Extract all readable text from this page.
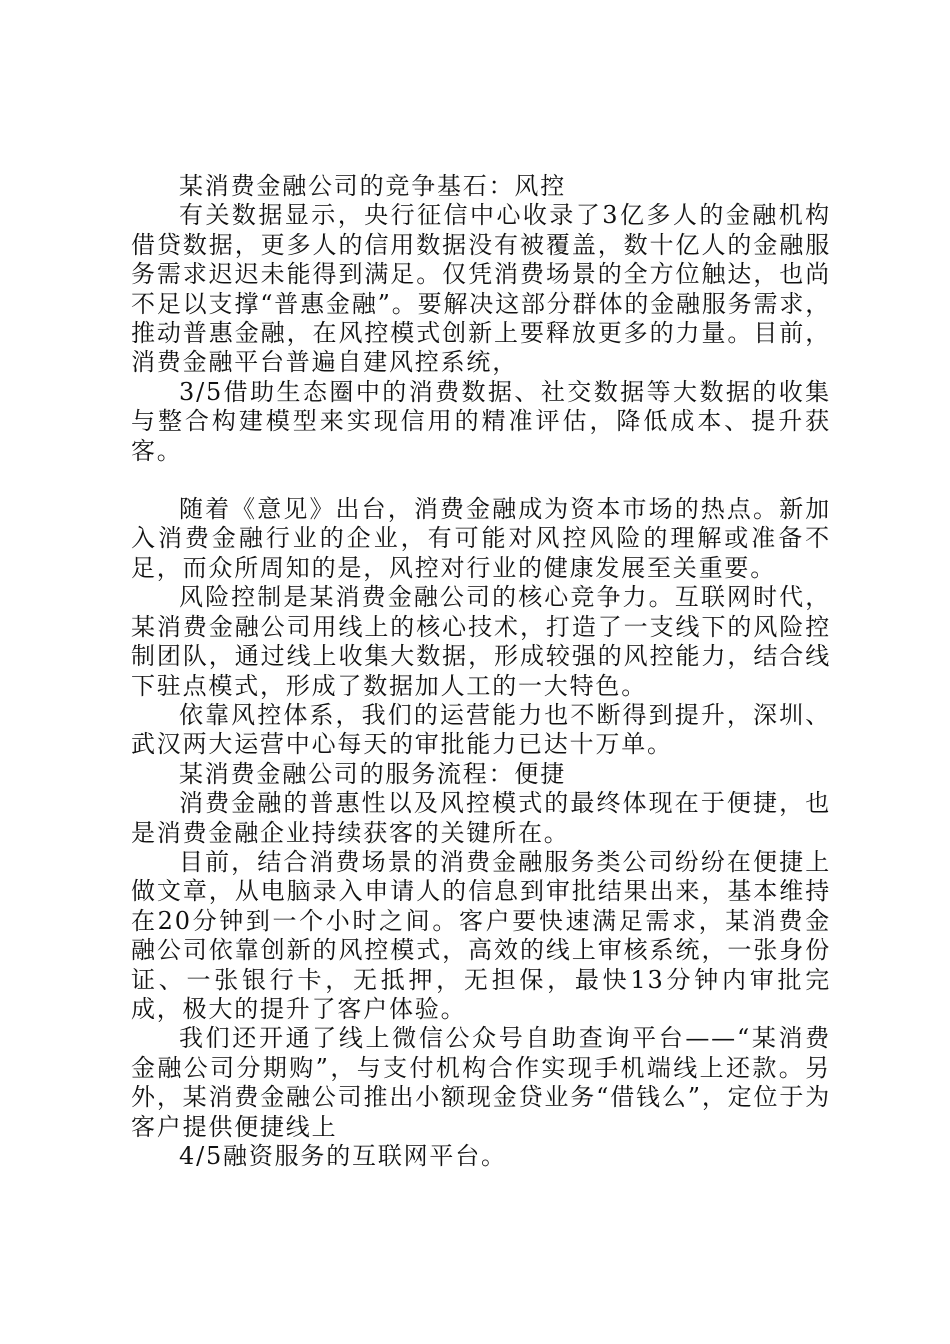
某消费金融公司的竞争基石：风控

有关数据显示，央行征信中心收录了3亿多人的金融机构借贷数据，更多人的信用数据没有被覆盖，数十亿人的金融服务需求迟迟未能得到满足。仅凭消费场景的全方位触达，也尚不足以支撑“普惠金融”。要解决这部分群体的金融服务需求，推动普惠金融，在风控模式创新上要释放更多的力量。目前，消费金融平台普遍自建风控系统，

3/5借助生态圈中的消费数据、社交数据等大数据的收集与整合构建模型来实现信用的精准评估，降低成本、提升获客。

随着《意见》出台，消费金融成为资本市场的热点。新加入消费金融行业的企业，有可能对风控风险的理解或准备不足，而众所周知的是，风控对行业的健康发展至关重要。

风险控制是某消费金融公司的核心竞争力。互联网时代，某消费金融公司用线上的核心技术，打造了一支线下的风险控制团队，通过线上收集大数据，形成较强的风控能力，结合线下驻点模式，形成了数据加人工的一大特色。

依靠风控体系，我们的运营能力也不断得到提升，深圳、武汉两大运营中心每天的审批能力已达十万单。

某消费金融公司的服务流程：便捷

消费金融的普惠性以及风控模式的最终体现在于便捷，也是消费金融企业持续获客的关键所在。

目前，结合消费场景的消费金融服务类公司纷纷在便捷上做文章，从电脑录入申请人的信息到审批结果出来，基本维持在20分钟到一个小时之间。客户要快速满足需求，某消费金融公司依靠创新的风控模式，高效的线上审核系统，一张身份证、一张银行卡，无抵押，无担保，最快13分钟内审批完成，极大的提升了客户体验。

我们还开通了线上微信公众号自助查询平台——“某消费金融公司分期购”，与支付机构合作实现手机端线上还款。另外，某消费金融公司推出小额现金贷业务“借钱么”，定位于为客户提供便捷线上

4/5融资服务的互联网平台。
